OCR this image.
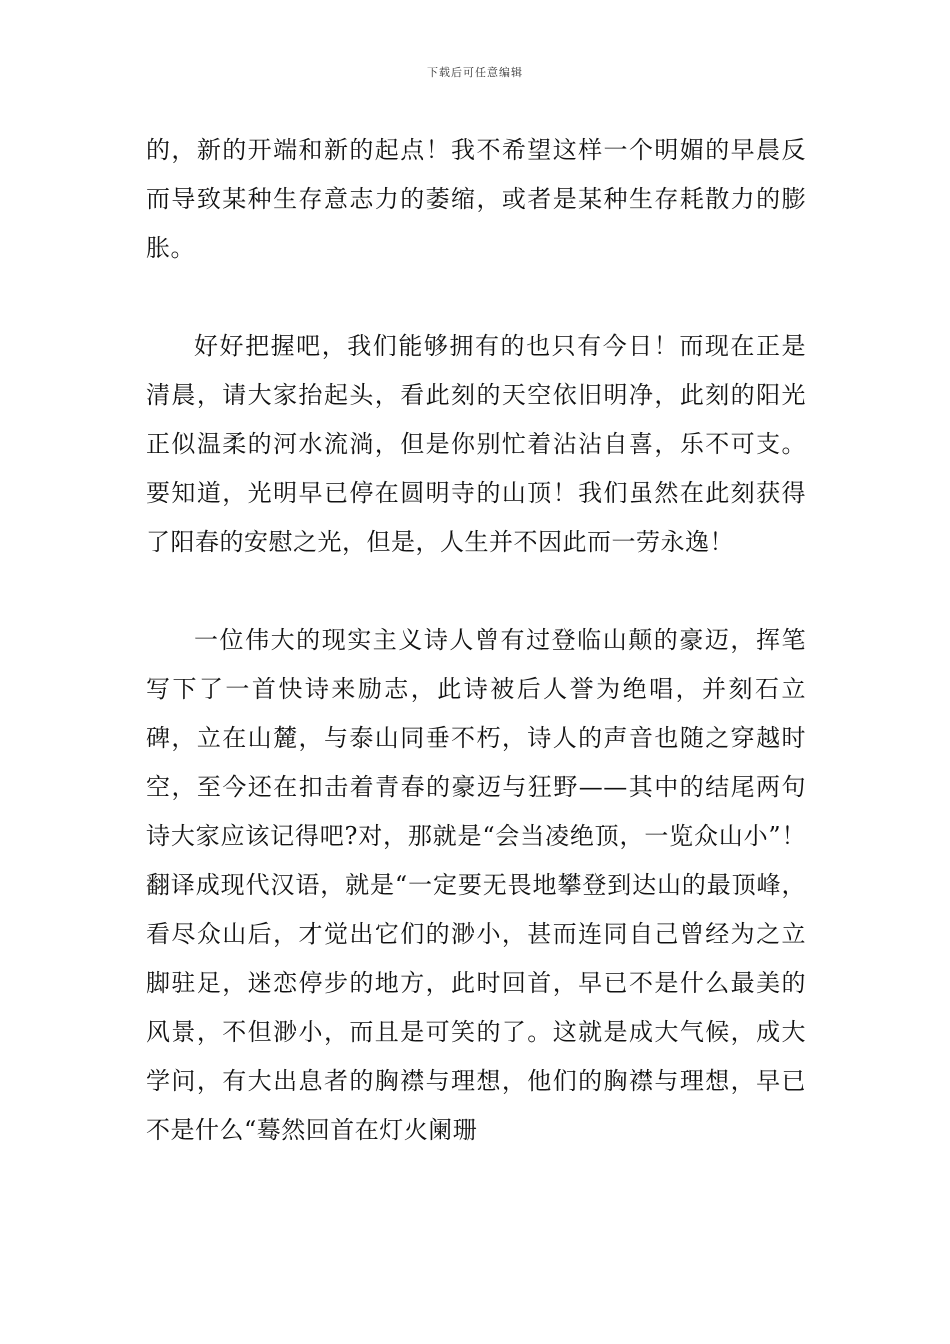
下载后可任意编辑

的，新的开端和新的起点！我不希望这样一个明媚的早晨反而导致某种生存意志力的萎缩，或者是某种生存耗散力的膨胀。

好好把握吧，我们能够拥有的也只有今日！而现在正是清晨，请大家抬起头，看此刻的天空依旧明净，此刻的阳光正似温柔的河水流淌，但是你别忙着沾沾自喜，乐不可支。要知道，光明早已停在圆明寺的山顶！我们虽然在此刻获得了阳春的安慰之光，但是，人生并不因此而一劳永逸！

一位伟大的现实主义诗人曾有过登临山颠的豪迈，挥笔写下了一首快诗来励志，此诗被后人誉为绝唱，并刻石立碑，立在山麓，与泰山同垂不朽，诗人的声音也随之穿越时空，至今还在扣击着青春的豪迈与狂野——其中的结尾两句诗大家应该记得吧?对，那就是“会当凌绝顶，一览众山小”！翻译成现代汉语，就是“一定要无畏地攀登到达山的最顶峰，看尽众山后，才觉出它们的渺小，甚而连同自己曾经为之立脚驻足，迷恋停步的地方，此时回首，早已不是什么最美的风景，不但渺小，而且是可笑的了。这就是成大气候，成大学问，有大出息者的胸襟与理想，他们的胸襟与理想，早已不是什么“蓦然回首在灯火阑珊
